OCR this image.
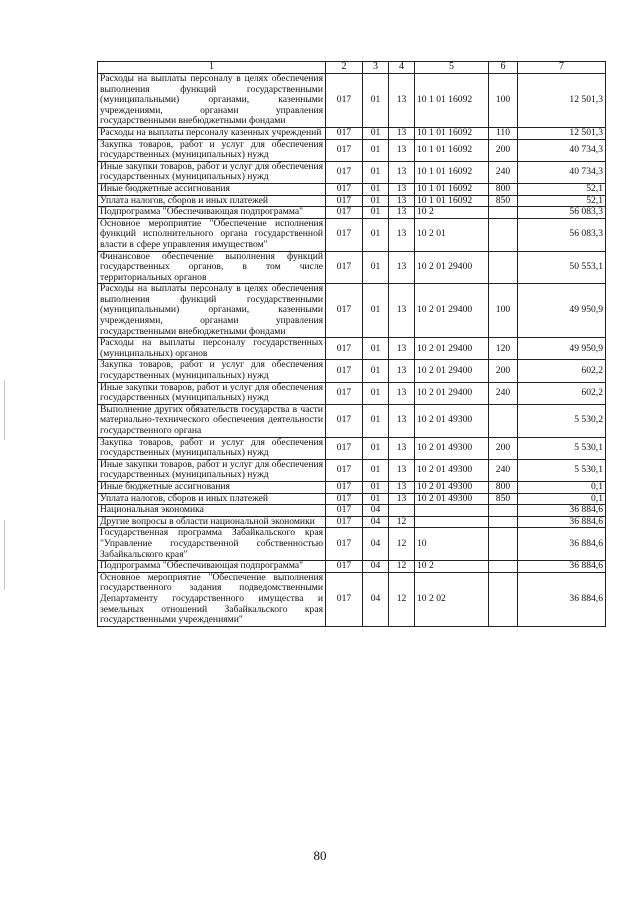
1	2	3	4	5	6	7
Расходы на выплаты персоналу в целях обеспечения выполнения функций государственными (муниципальными) органами, казенными учреждениями, органами управления государственными внебюджетными фондами	017	01	13	10 1 01 16092	100	12 501,3
Расходы на выплаты персоналу казенных учреждений	017	01	13	10 1 01 16092	110	12 501,3
Закупка товаров, работ и услуг для обеспечения государственных (муниципальных) нужд	017	01	13	10 1 01 16092	200	40 734,3
Иные закупки товаров, работ и услуг для обеспечения государственных (муниципальных) нужд	017	01	13	10 1 01 16092	240	40 734,3
Иные бюджетные ассигнования	017	01	13	10 1 01 16092	800	52,1
Уплата налогов, сборов и иных платежей	017	01	13	10 1 01 16092	850	52,1
Подпрограмма "Обеспечивающая подпрограмма"	017	01	13	10 2		56 083,3
Основное мероприятие "Обеспечение исполнения функций исполнительного органа государственной власти в сфере управления имуществом"	017	01	13	10 2 01		56 083,3
Финансовое обеспечение выполнения функций государственных органов, в том числе территориальных органов	017	01	13	10 2 01 29400		50 553,1
Расходы на выплаты персоналу в целях обеспечения выполнения функций государственными (муниципальными) органами, казенными учреждениями, органами управления государственными внебюджетными фондами	017	01	13	10 2 01 29400	100	49 950,9
Расходы на выплаты персоналу государственных (муниципальных) органов	017	01	13	10 2 01 29400	120	49 950,9
Закупка товаров, работ и услуг для обеспечения государственных (муниципальных) нужд	017	01	13	10 2 01 29400	200	602,2
Иные закупки товаров, работ и услуг для обеспечения государственных (муниципальных) нужд	017	01	13	10 2 01 29400	240	602,2
Выполнение других обязательств государства в части материально-технического обеспечения деятельности государственного органа	017	01	13	10 2 01 49300		5 530,2
Закупка товаров, работ и услуг для обеспечения государственных (муниципальных) нужд	017	01	13	10 2 01 49300	200	5 530,1
Иные закупки товаров, работ и услуг для обеспечения государственных (муниципальных) нужд	017	01	13	10 2 01 49300	240	5 530,1
Иные бюджетные ассигнования	017	01	13	10 2 01 49300	800	0,1
Уплата налогов, сборов и иных платежей	017	01	13	10 2 01 49300	850	0,1
Национальная экономика	017	04				36 884,6
Другие вопросы в области национальной экономики	017	04	12			36 884,6
Государственная программа Забайкальского края "Управление государственной собственностью Забайкальского края"	017	04	12	10		36 884,6
Подпрограмма "Обеспечивающая подпрограмма"	017	04	12	10 2		36 884,6
Основное мероприятие "Обеспечение выполнения государственного задания подведомственными Департаменту государственного имущества и земельных отношений Забайкальского края государственными учреждениями"	017	04	12	10 2 02		36 884,6
80
